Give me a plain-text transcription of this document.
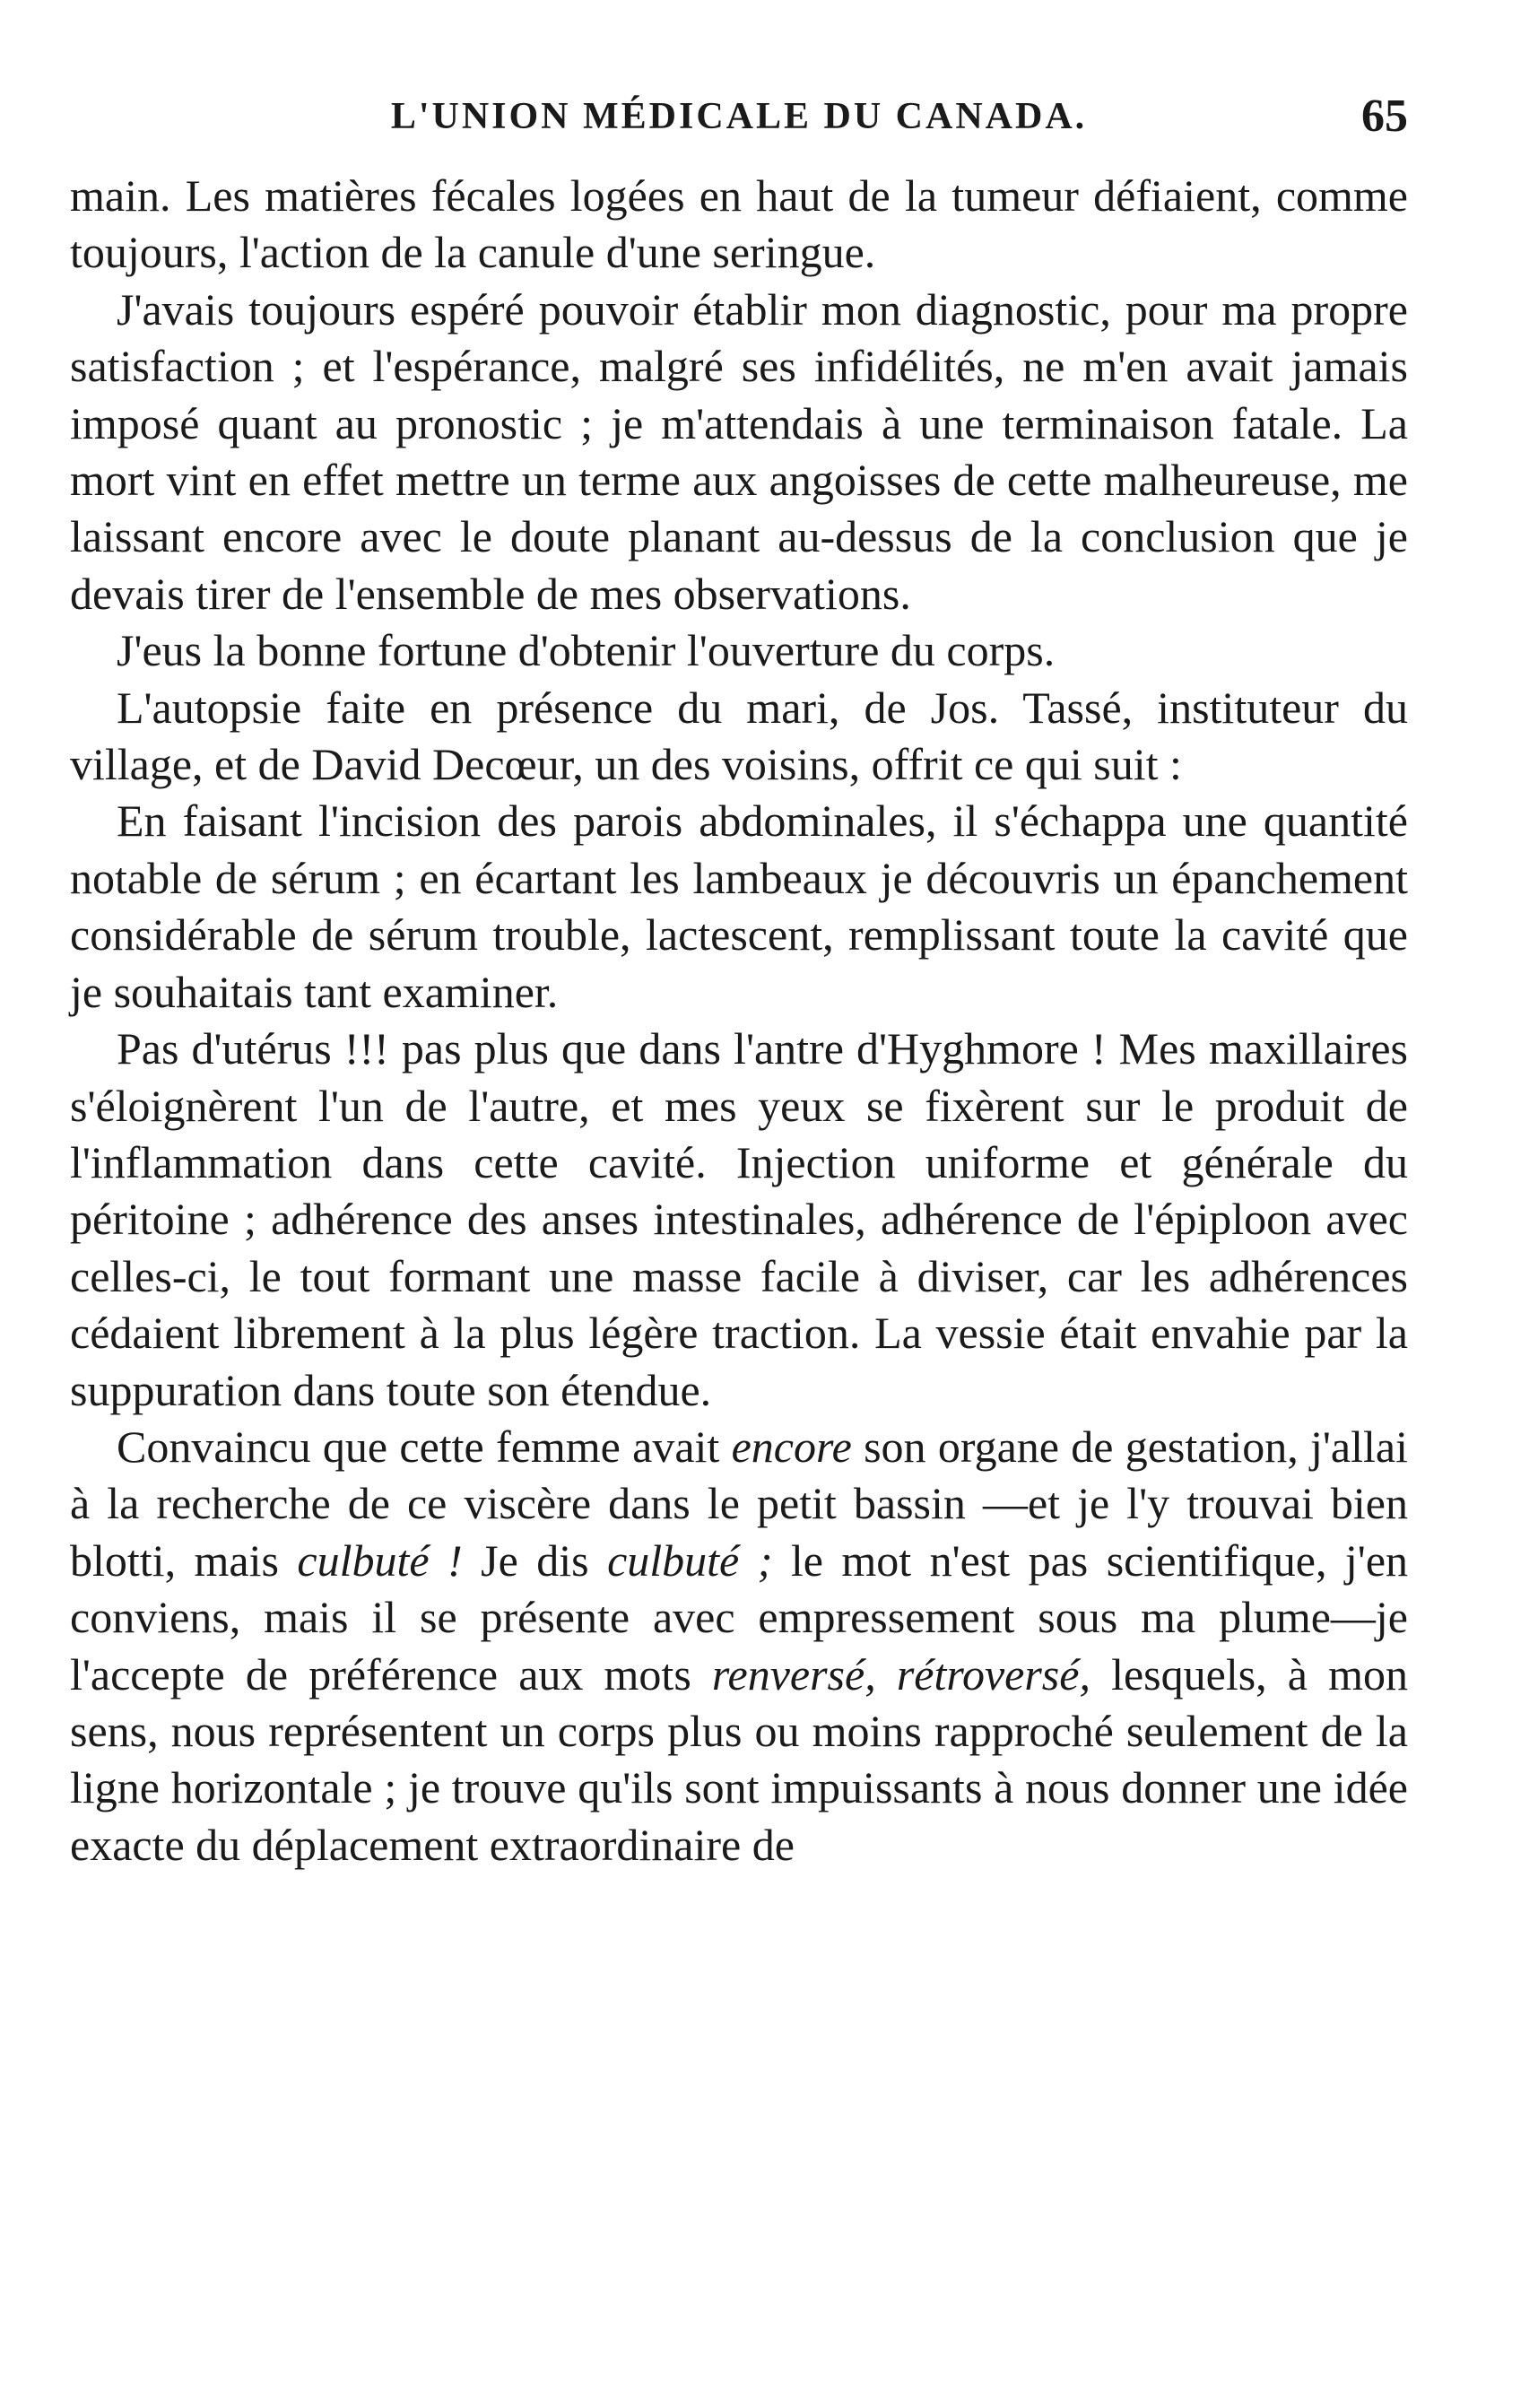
L'UNION MÉDICALE DU CANADA.	65

main. Les matières fécales logées en haut de la tumeur défiaient, comme toujours, l'action de la canule d'une seringue.

J'avais toujours espéré pouvoir établir mon diagnostic, pour ma propre satisfaction ; et l'espérance, malgré ses infidélités, ne m'en avait jamais imposé quant au pronostic ; je m'attendais à une terminaison fatale. La mort vint en effet mettre un terme aux angoisses de cette malheureuse, me laissant encore avec le doute planant au-dessus de la conclusion que je devais tirer de l'ensemble de mes observations.

J'eus la bonne fortune d'obtenir l'ouverture du corps.

L'autopsie faite en présence du mari, de Jos. Tassé, instituteur du village, et de David Decœur, un des voisins, offrit ce qui suit :

En faisant l'incision des parois abdominales, il s'échappa une quantité notable de sérum ; en écartant les lambeaux je découvris un épanchement considérable de sérum trouble, lactescent, remplissant toute la cavité que je souhaitais tant examiner.

Pas d'utérus !!! pas plus que dans l'antre d'Hyghmore ! Mes maxillaires s'éloignèrent l'un de l'autre, et mes yeux se fixèrent sur le produit de l'inflammation dans cette cavité. Injection uniforme et générale du péritoine ; adhérence des anses intestinales, adhérence de l'épiploon avec celles-ci, le tout formant une masse facile à diviser, car les adhérences cédaient librement à la plus légère traction. La vessie était envahie par la suppuration dans toute son étendue.

Convaincu que cette femme avait encore son organe de gestation, j'allai à la recherche de ce viscère dans le petit bassin —et je l'y trouvai bien blotti, mais culbuté ! Je dis culbuté ; le mot n'est pas scientifique, j'en conviens, mais il se présente avec empressement sous ma plume—je l'accepte de préférence aux mots renversé, rétroversé, lesquels, à mon sens, nous représentent un corps plus ou moins rapproché seulement de la ligne horizontale ; je trouve qu'ils sont impuissants à nous donner une idée exacte du déplacement extraordinaire de
